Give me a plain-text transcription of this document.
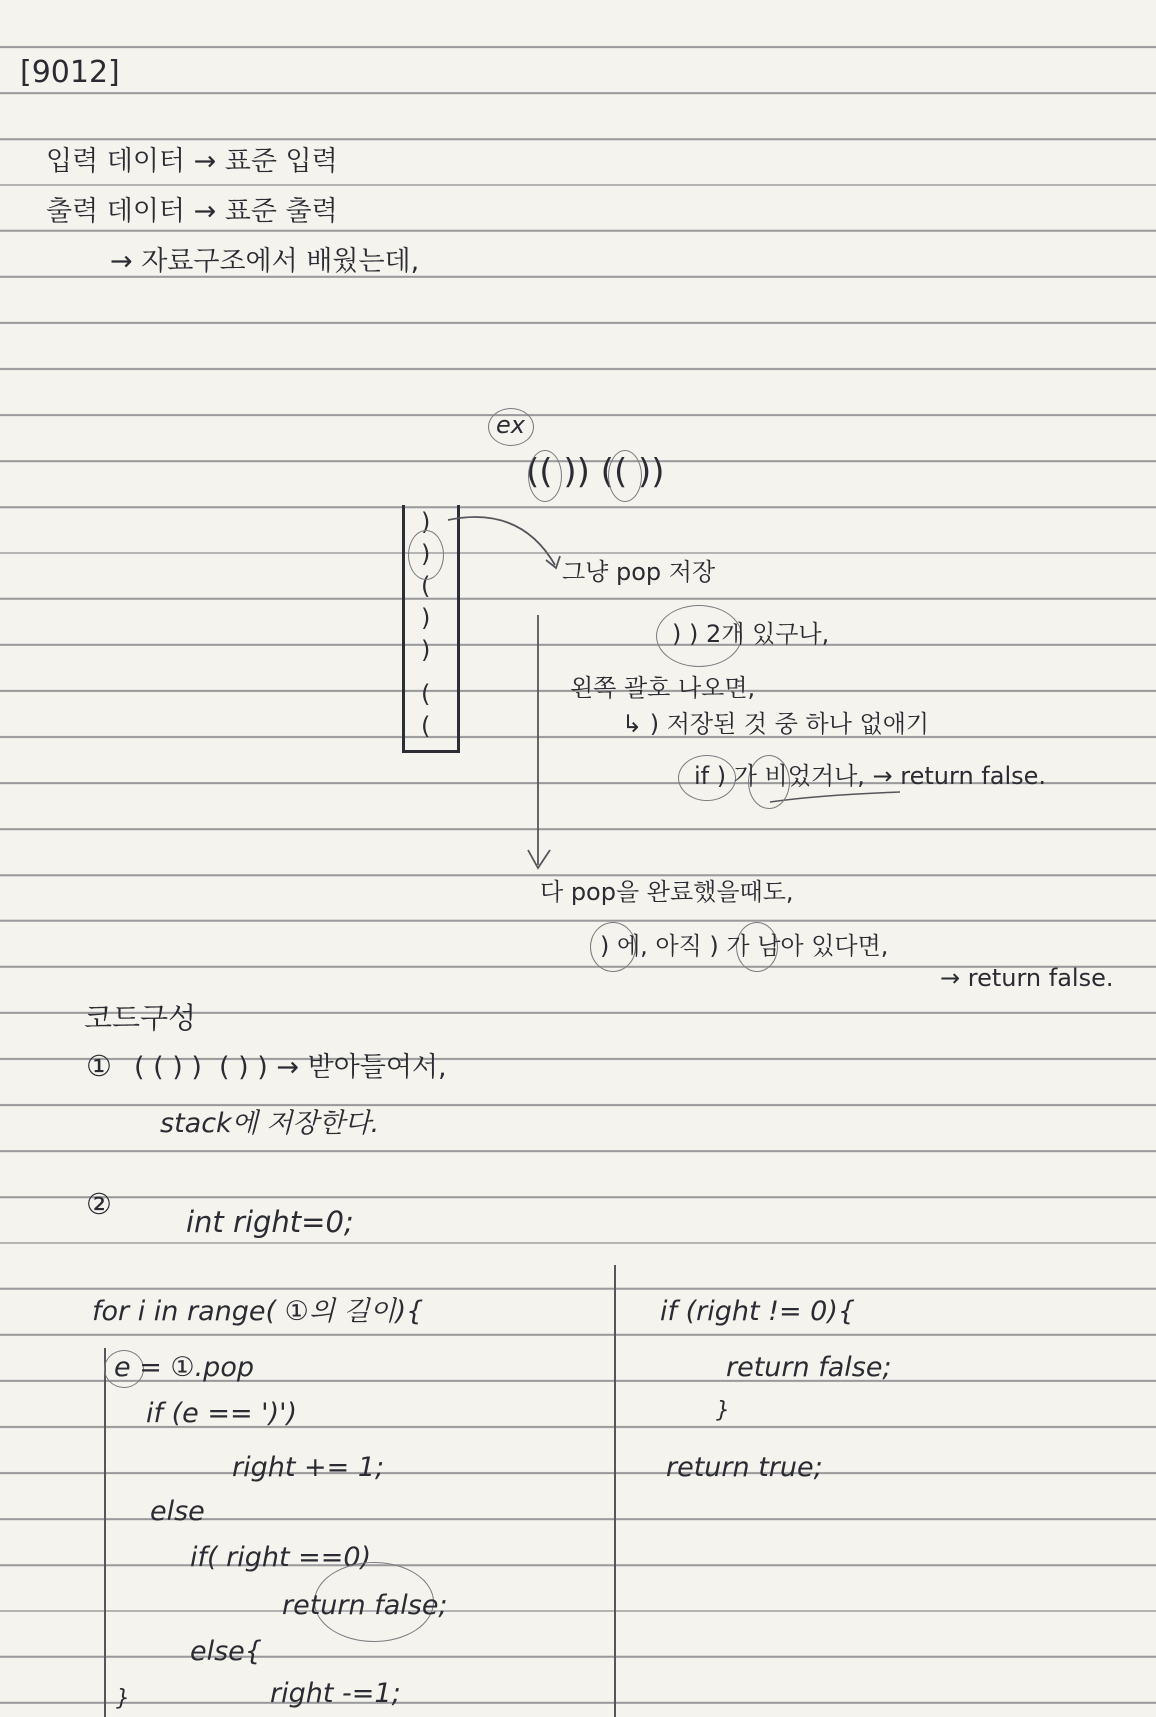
[9012]
입력 데이터 → 표준 입력
출력 데이터 → 표준 출력
→ 자료구조에서 배웠는데,
ex
(( )) (( ))
)
)
(
)
)
(
(
그냥 pop 저장
) ) 2개 있구나,
왼쪽 괄호 나오면,
↳ ) 저장된 것 중 하나 없애기
if ) 가 비었거나, → return false.
다 pop을 완료했을때도,
) 에, 아직 ) 가 남아 있다면,
→ return false.
코드구성
① ( ( ) )  ( ) ) → 받아들여서,
stack에 저장한다.
②
int right=0;
for i in range( ①의 길이){
e = ①.pop
if (e == ')')
right += 1;
else
if( right ==0)
return false;
else{
right -=1;
}
if (right != 0){
return false;
}
return true;
